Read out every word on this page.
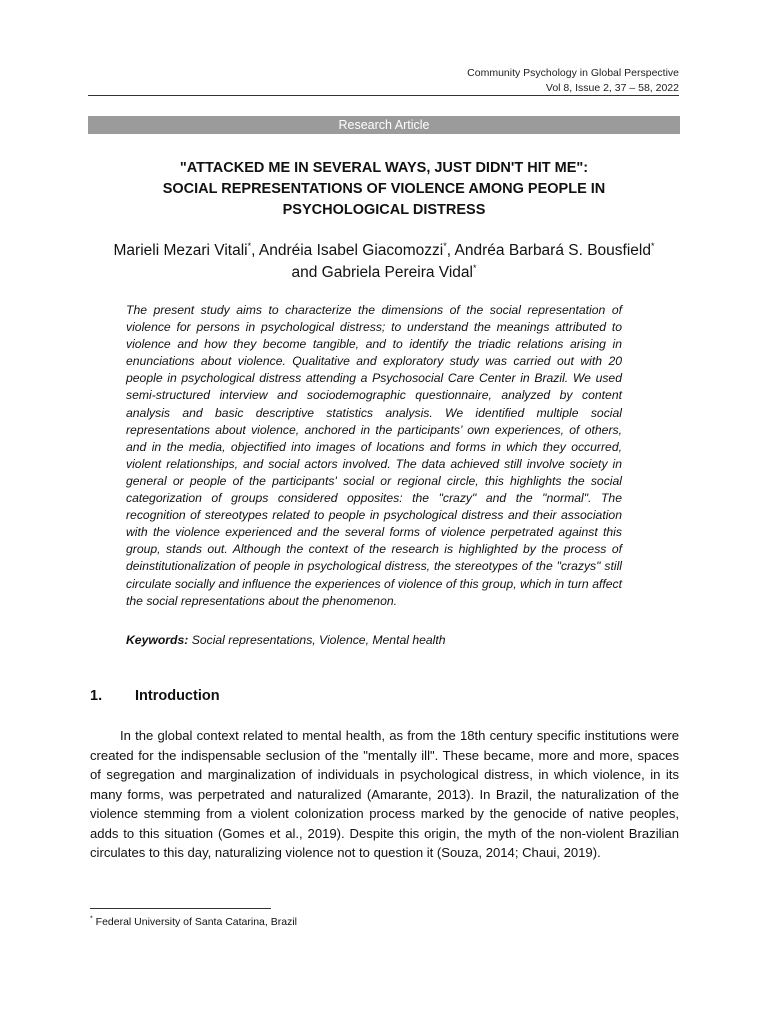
Community Psychology in Global Perspective
Vol 8, Issue 2, 37 – 58, 2022
Research Article
"ATTACKED ME IN SEVERAL WAYS, JUST DIDN'T HIT ME":
SOCIAL REPRESENTATIONS OF VIOLENCE AMONG PEOPLE IN
PSYCHOLOGICAL DISTRESS
Marieli Mezari Vitali*, Andréia Isabel Giacomozzi*, Andréa Barbará S. Bousfield* and Gabriela Pereira Vidal*
The present study aims to characterize the dimensions of the social representation of violence for persons in psychological distress; to understand the meanings attributed to violence and how they become tangible, and to identify the triadic relations arising in enunciations about violence. Qualitative and exploratory study was carried out with 20 people in psychological distress attending a Psychosocial Care Center in Brazil. We used semi-structured interview and sociodemographic questionnaire, analyzed by content analysis and basic descriptive statistics analysis. We identified multiple social representations about violence, anchored in the participants’ own experiences, of others, and in the media, objectified into images of locations and forms in which they occurred, violent relationships, and social actors involved. The data achieved still involve society in general or people of the participants' social or regional circle, this highlights the social categorization of groups considered opposites: the "crazy" and the "normal". The recognition of stereotypes related to people in psychological distress and their association with the violence experienced and the several forms of violence perpetrated against this group, stands out. Although the context of the research is highlighted by the process of deinstitutionalization of people in psychological distress, the stereotypes of the "crazys" still circulate socially and influence the experiences of violence of this group, which in turn affect the social representations about the phenomenon.
Keywords: Social representations, Violence, Mental health
1. Introduction

In the global context related to mental health, as from the 18th century specific institutions were created for the indispensable seclusion of the "mentally ill". These became, more and more, spaces of segregation and marginalization of individuals in psychological distress, in which violence, in its many forms, was perpetrated and naturalized (Amarante, 2013). In Brazil, the naturalization of the violence stemming from a violent colonization process marked by the genocide of native peoples, adds to this situation (Gomes et al., 2019). Despite this origin, the myth of the non-violent Brazilian circulates to this day, naturalizing violence not to question it (Souza, 2014; Chaui, 2019).

* Federal University of Santa Catarina, Brazil
